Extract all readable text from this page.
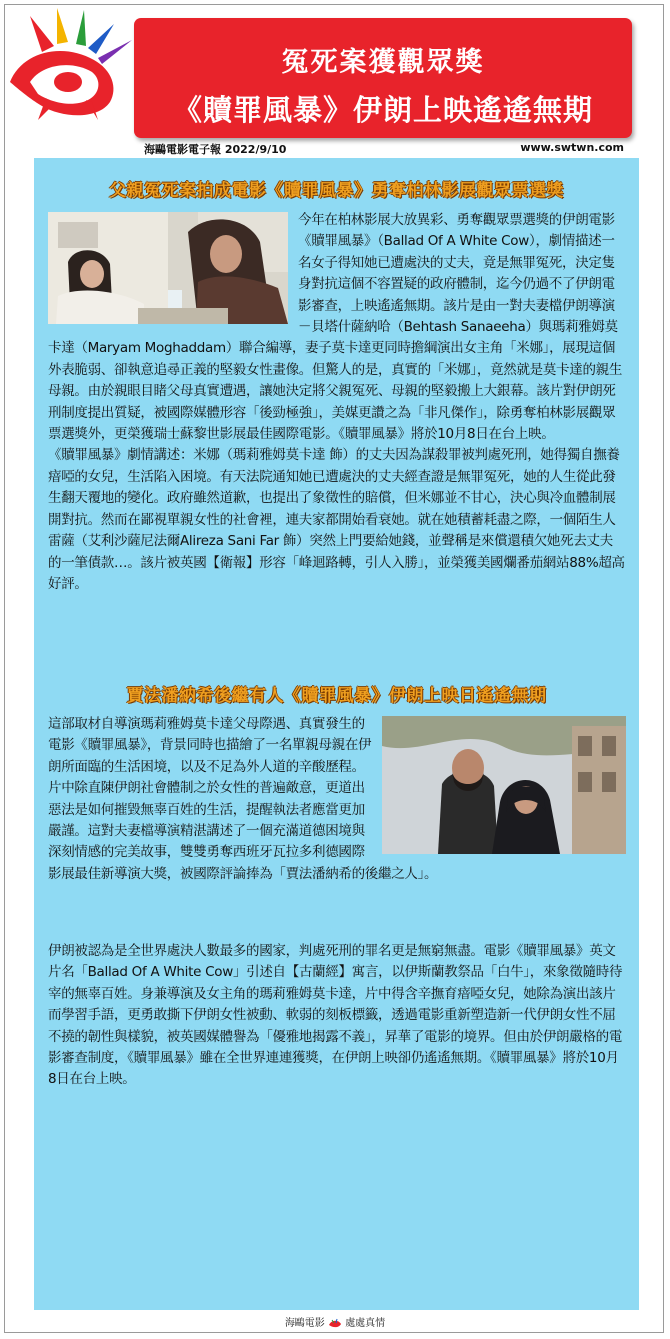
冤死案獲觀眾獎
《贖罪風暴》伊朗上映遙遙無期
海鷗電影電子報 2022/9/10	www.swtwn.com
父親冤死案拍成電影《贖罪風暴》勇奪柏林影展觀眾票選獎

今年在柏林影展大放異彩、勇奪觀眾票選獎的伊朗電影《贖罪風暴》（Ballad Of A White Cow），劇情描述一名女子得知她已遭處決的丈夫，竟是無罪冤死，決定隻身對抗這個不容置疑的政府體制，迄今仍過不了伊朗電影審查，上映遙遙無期。該片是由一對夫妻檔伊朗導演－貝塔什薩納哈（Behtash Sanaeeha）與瑪莉雅姆莫卡達（Maryam Moghaddam）聯合編導，妻子莫卡達更同時擔綱演出女主角「米娜」，展現這個外表脆弱、卻執意追尋正義的堅毅女性畫像。但驚人的是，真實的「米娜」，竟然就是莫卡達的親生母親。由於親眼目睹父母真實遭遇，讓她決定將父親冤死、母親的堅毅搬上大銀幕。該片對伊朗死刑制度提出質疑，被國際媒體形容「後勁極強」，美媒更讚之為「非凡傑作」，除勇奪柏林影展觀眾票選獎外，更榮獲瑞士蘇黎世影展最佳國際電影。《贖罪風暴》將於10月8日在台上映。

《贖罪風暴》劇情講述：米娜（瑪莉雅姆莫卡達 飾）的丈夫因為謀殺罪被判處死刑，她得獨自撫養瘖啞的女兒，生活陷入困境。有天法院通知她已遭處決的丈夫經查證是無罪冤死，她的人生從此發生翻天覆地的變化。政府雖然道歉，也提出了象徵性的賠償，但米娜並不甘心，決心與冷血體制展開對抗。然而在鄙視單親女性的社會裡，連夫家都開始看衰她。就在她積蓄耗盡之際，一個陌生人雷薩（艾利沙薩尼法爾Alireza Sani Far 飾）突然上門要給她錢，並聲稱是來償還積欠她死去丈夫的一筆債款…。該片被英國【衛報】形容「峰迴路轉，引人入勝」，並榮獲美國爛番茄網站88%超高好評。

賈法潘納希後繼有人《贖罪風暴》伊朗上映日遙遙無期

這部取材自導演瑪莉雅姆莫卡達父母際遇、真實發生的電影《贖罪風暴》，背景同時也描繪了一名單親母親在伊朗所面臨的生活困境，以及不足為外人道的辛酸歷程。片中除直陳伊朗社會體制之於女性的普遍敵意，更道出惡法是如何摧毀無辜百姓的生活，提醒執法者應當更加嚴謹。這對夫妻檔導演精湛講述了一個充滿道德困境與深刻情感的完美故事，雙雙勇奪西班牙瓦拉多利德國際影展最佳新導演大獎，被國際評論捧為「賈法潘納希的後繼之人」。

伊朗被認為是全世界處決人數最多的國家，判處死刑的罪名更是無窮無盡。電影《贖罪風暴》英文片名「Ballad Of A White Cow」引述自【古蘭經】寓言，以伊斯蘭教祭品「白牛」，來象徵隨時待宰的無辜百姓。身兼導演及女主角的瑪莉雅姆莫卡達，片中得含辛撫育瘖啞女兒，她除為演出該片而學習手語，更勇敢撕下伊朗女性被動、軟弱的刻板標籤，透過電影重新塑造新一代伊朗女性不屈不撓的韌性與樣貌，被英國媒體譽為「優雅地揭露不義」，昇華了電影的境界。但由於伊朗嚴格的電影審查制度，《贖罪風暴》雖在全世界連連獲獎，在伊朗上映卻仍遙遙無期。《贖罪風暴》將於10月8日在台上映。

海鷗電影 處處真情
